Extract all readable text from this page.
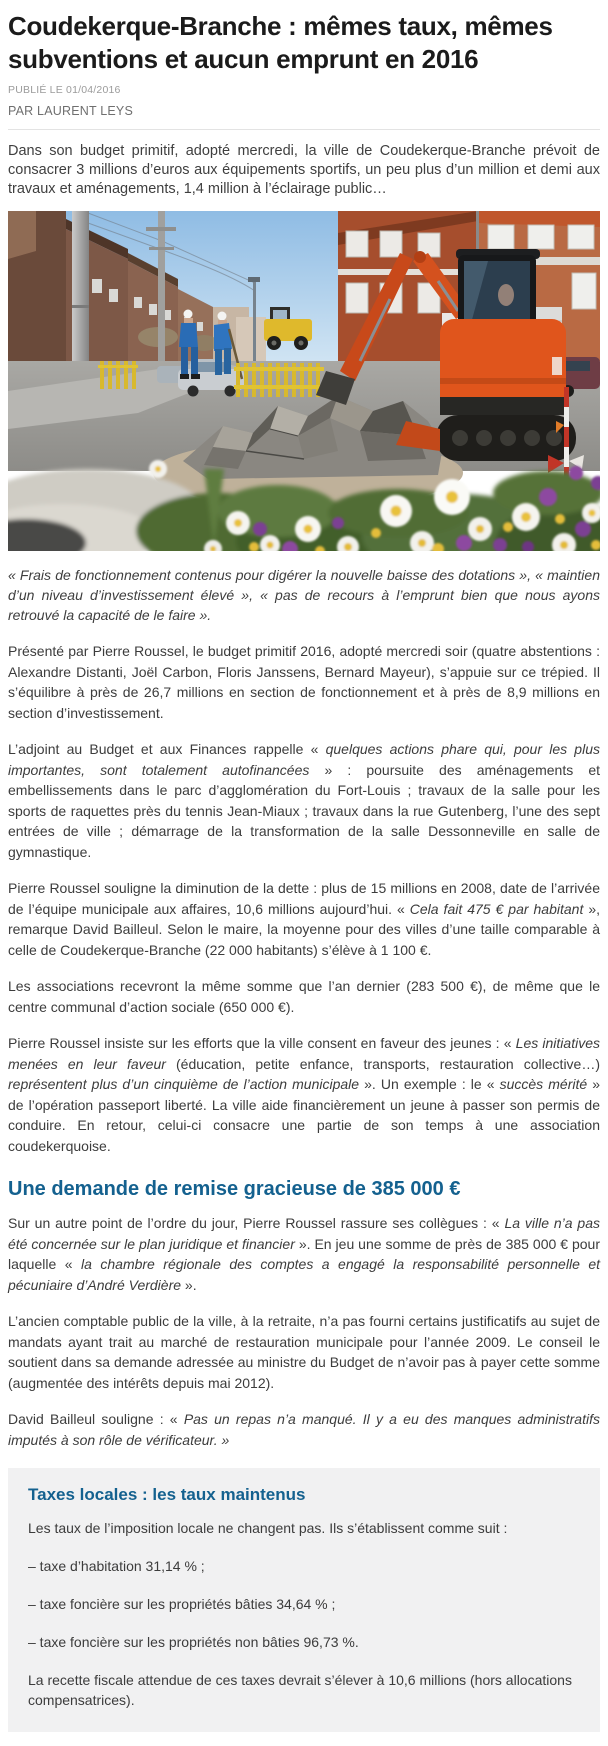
Coudekerque-Branche : mêmes taux, mêmes subventions et aucun emprunt en 2016
PUBLIÉ LE 01/04/2016
PAR LAURENT LEYS

Dans son budget primitif, adopté mercredi, la ville de Coudekerque-Branche prévoit de consacrer 3 millions d’euros aux équipements sportifs, un peu plus d’un million et demi aux travaux et aménagements, 1,4 million à l’éclairage public…

« Frais de fonctionnement contenus pour digérer la nouvelle baisse des dotations », « maintien d’un niveau d’investissement élevé », « pas de recours à l’emprunt bien que nous ayons retrouvé la capacité de le faire ».

Présenté par Pierre Roussel, le budget primitif 2016, adopté mercredi soir (quatre abstentions : Alexandre Distanti, Joël Carbon, Floris Janssens, Bernard Mayeur), s’appuie sur ce trépied. Il s’équilibre à près de 26,7 millions en section de fonctionnement et à près de 8,9 millions en section d’investissement.

L’adjoint au Budget et aux Finances rappelle « quelques actions phare qui, pour les plus importantes, sont totalement autofinancées » : poursuite des aménagements et embellissements dans le parc d’agglomération du Fort-Louis ; travaux de la salle pour les sports de raquettes près du tennis Jean-Miaux ; travaux dans la rue Gutenberg, l’une des sept entrées de ville ; démarrage de la transformation de la salle Dessonneville en salle de gymnastique.

Pierre Roussel souligne la diminution de la dette : plus de 15 millions en 2008, date de l’arrivée de l’équipe municipale aux affaires, 10,6 millions aujourd’hui. « Cela fait 475 € par habitant », remarque David Bailleul. Selon le maire, la moyenne pour des villes d’une taille comparable à celle de Coudekerque-Branche (22 000 habitants) s’élève à 1 100 €.

Les associations recevront la même somme que l’an dernier (283 500 €), de même que le centre communal d’action sociale (650 000 €).

Pierre Roussel insiste sur les efforts que la ville consent en faveur des jeunes : « Les initiatives menées en leur faveur (éducation, petite enfance, transports, restauration collective…) représentent plus d’un cinquième de l’action municipale ». Un exemple : le « succès mérité » de l’opération passeport liberté. La ville aide financièrement un jeune à passer son permis de conduire. En retour, celui-ci consacre une partie de son temps à une association coudekerquoise.

Une demande de remise gracieuse de 385 000 €

Sur un autre point de l’ordre du jour, Pierre Roussel rassure ses collègues : « La ville n’a pas été concernée sur le plan juridique et financier ». En jeu une somme de près de 385 000 € pour laquelle « la chambre régionale des comptes a engagé la responsabilité personnelle et pécuniaire d’André Verdière ».

L’ancien comptable public de la ville, à la retraite, n’a pas fourni certains justificatifs au sujet de mandats ayant trait au marché de restauration municipale pour l’année 2009. Le conseil le soutient dans sa demande adressée au ministre du Budget de n’avoir pas à payer cette somme (augmentée des intérêts depuis mai 2012).

David Bailleul souligne : « Pas un repas n’a manqué. Il y a eu des manques administratifs imputés à son rôle de vérificateur. »

Taxes locales : les taux maintenus

Les taux de l’imposition locale ne changent pas. Ils s’établissent comme suit :

– taxe d’habitation 31,14 % ;

– taxe foncière sur les propriétés bâties 34,64 % ;

– taxe foncière sur les propriétés non bâties 96,73 %.

La recette fiscale attendue de ces taxes devrait s’élever à 10,6 millions (hors allocations compensatrices).
